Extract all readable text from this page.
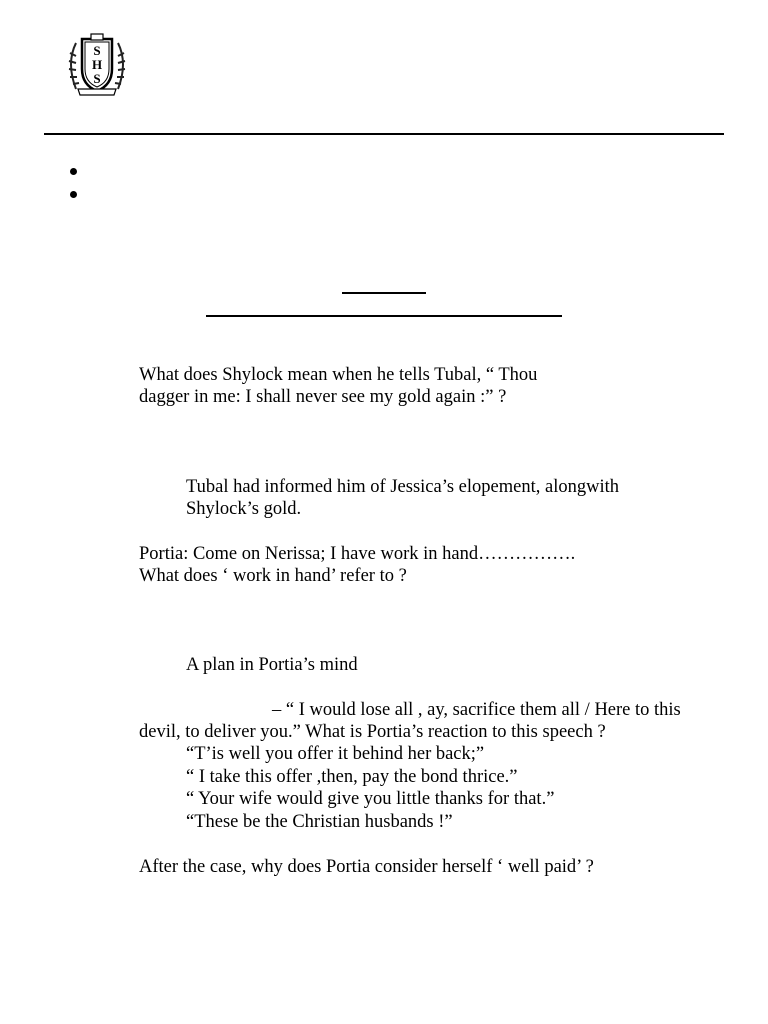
S
H
S
What does Shylock mean when he tells Tubal, “ Thou
dagger in me: I shall never see my gold again :” ?
Tubal had informed him of Jessica’s elopement, alongwith
Shylock’s gold.
Portia: Come on Nerissa; I have work in hand…………….
What does ‘ work in hand’ refer to ?
A plan in Portia’s mind
– “ I would lose all , ay, sacrifice them all / Here to this
devil, to deliver you.” What is Portia’s reaction to this speech ?
“T’is well you offer it behind her back;”
“ I take this offer ,then, pay the bond thrice.”
“ Your wife would give you little thanks for that.”
“These be the Christian husbands !”
After the case, why does Portia consider herself ‘ well paid’ ?
